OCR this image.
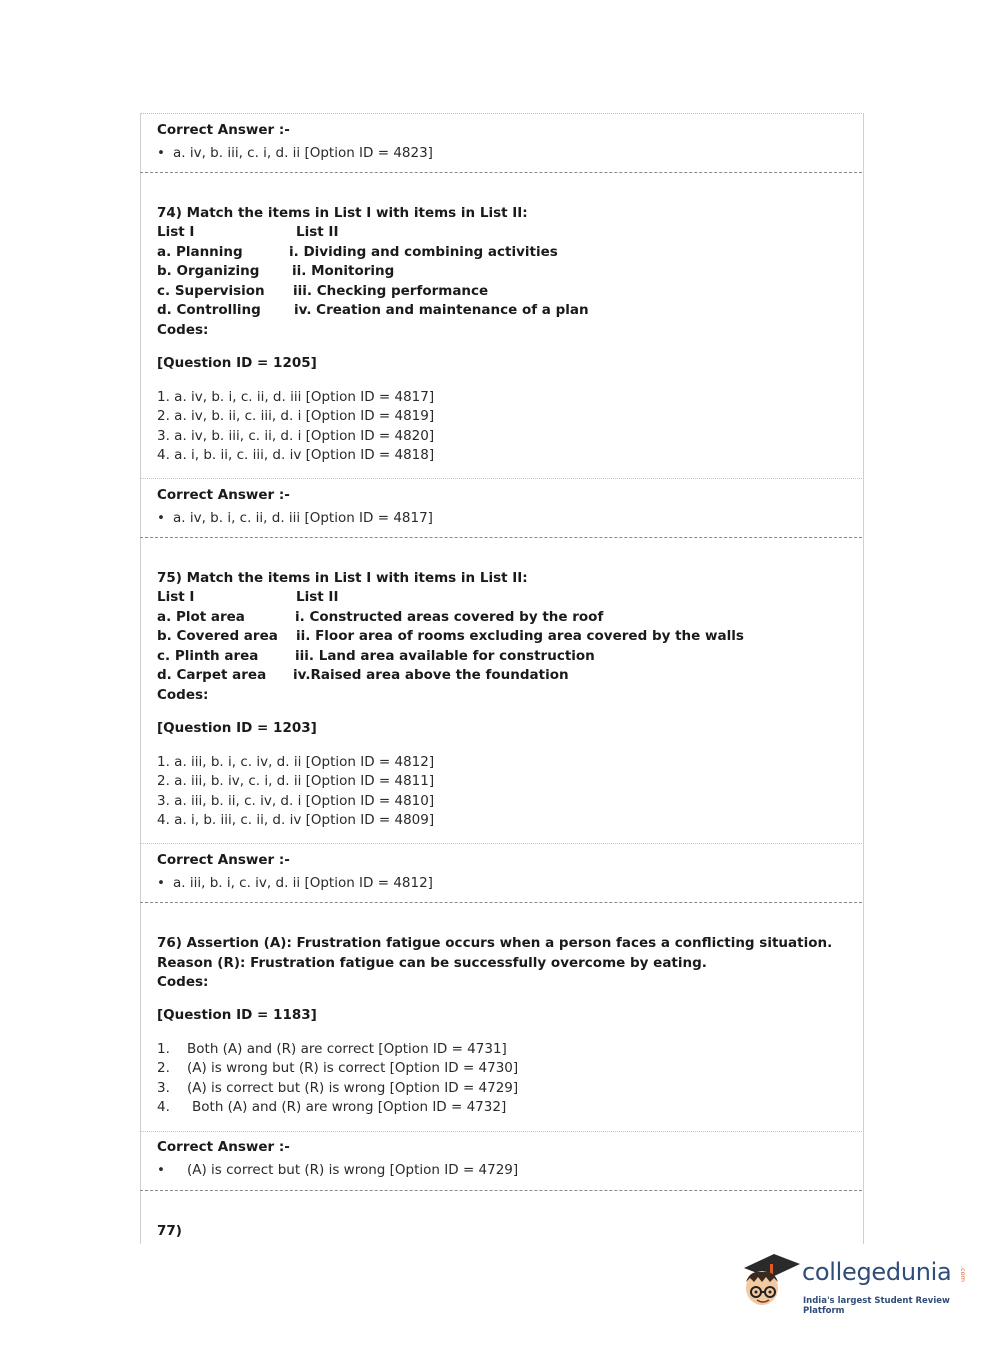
Correct Answer :-
• a. iv, b. iii, c. i, d. ii [Option ID = 4823]
74) Match the items in List I with items in List II:
List I	List II
a. Planning
b. Organizing
c. Supervision
d. Controlling
i. Dividing and combining activities
ii. Monitoring
iii. Checking performance
iv. Creation and maintenance of a plan
Codes:
[Question ID = 1205]
1. a. iv, b. i, c. ii, d. iii [Option ID = 4817]
2. a. iv, b. ii, c. iii, d. i [Option ID = 4819]
3. a. iv, b. iii, c. ii, d. i [Option ID = 4820]
4. a. i, b. ii, c. iii, d. iv [Option ID = 4818]
Correct Answer :-
• a. iv, b. i, c. ii, d. iii [Option ID = 4817]
75) Match the items in List I with items in List II:
List I	List II
a. Plot area
b. Covered area
c. Plinth area
d. Carpet area
i. Constructed areas covered by the roof
ii. Floor area of rooms excluding area covered by the walls
iii. Land area available for construction
iv.Raised area above the foundation
Codes:
[Question ID = 1203]
1. a. iii, b. i, c. iv, d. ii [Option ID = 4812]
2. a. iii, b. iv, c. i, d. ii [Option ID = 4811]
3. a. iii, b. ii, c. iv, d. i [Option ID = 4810]
4. a. i, b. iii, c. ii, d. iv [Option ID = 4809]
Correct Answer :-
• a. iii, b. i, c. iv, d. ii [Option ID = 4812]
76) Assertion (A): Frustration fatigue occurs when a person faces a conflicting situation.
Reason (R): Frustration fatigue can be successfully overcome by eating.
Codes:
[Question ID = 1183]
1. Both (A) and (R) are correct [Option ID = 4731]
2. (A) is wrong but (R) is correct [Option ID = 4730]
3. (A) is correct but (R) is wrong [Option ID = 4729]
4. Both (A) and (R) are wrong [Option ID = 4732]
Correct Answer :-
• (A) is correct but (R) is wrong [Option ID = 4729]
77)
collegedunia .com
India's largest Student Review Platform
